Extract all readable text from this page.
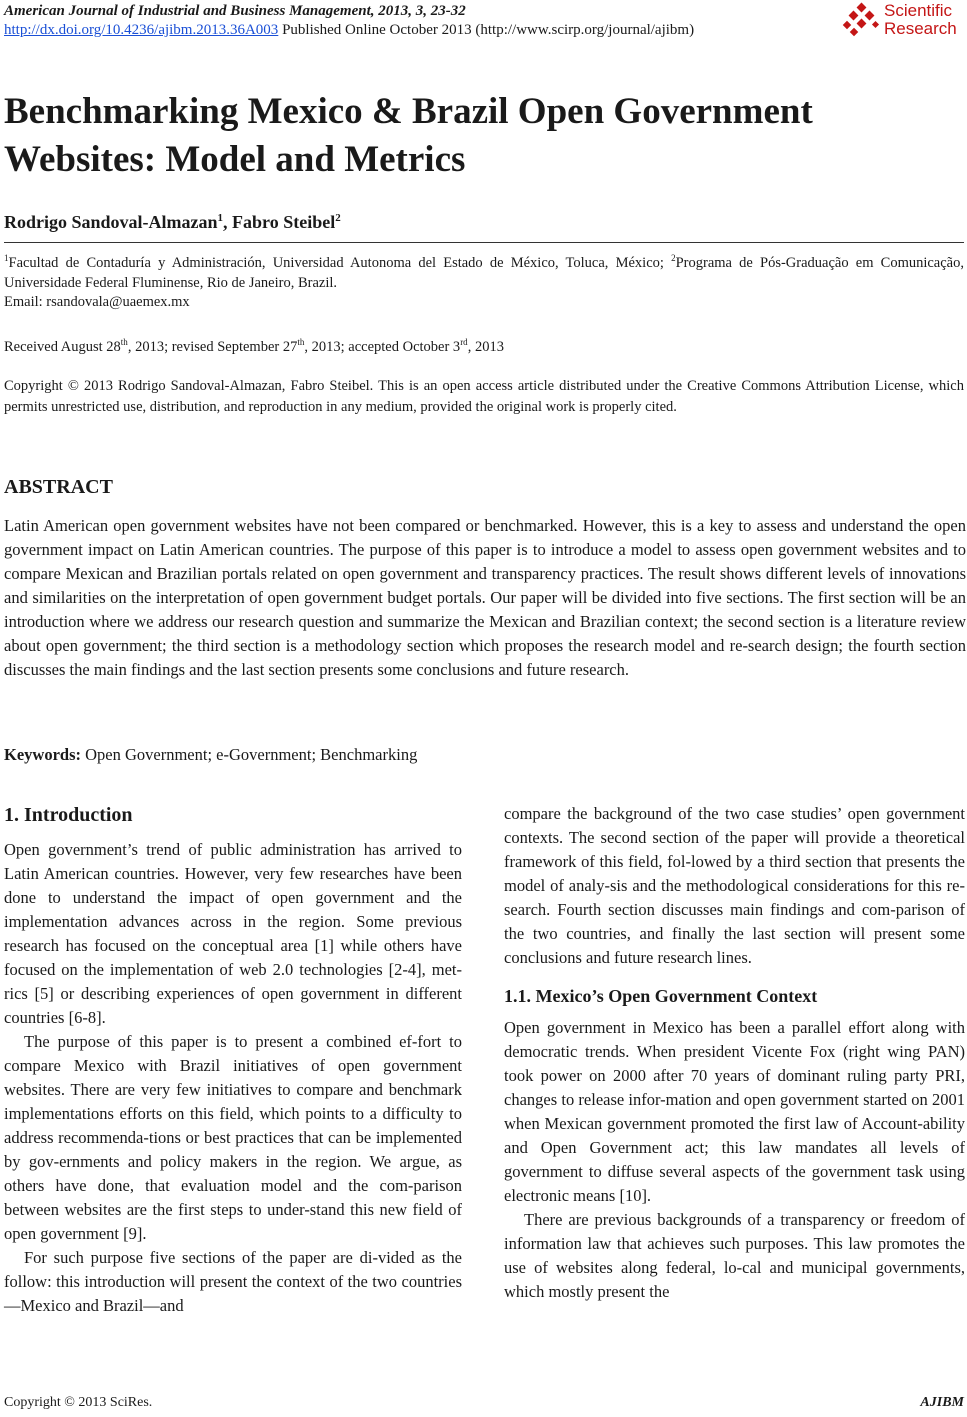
American Journal of Industrial and Business Management, 2013, 3, 23-32
http://dx.doi.org/10.4236/ajibm.2013.36A003 Published Online October 2013 (http://www.scirp.org/journal/ajibm)
Scientific
Research
Benchmarking Mexico & Brazil Open Government Websites: Model and Metrics
Rodrigo Sandoval-Almazan$^1$, Fabro Steibel$^2$
$^1$Facultad de Contaduría y Administración, Universidad Autonoma del Estado de México, Toluca, México; $^2$Programa de Pós-Graduação em Comunicação, Universidade Federal Fluminense, Rio de Janeiro, Brazil.
Email: rsandovala@uaemex.mx
Received August 28th, 2013; revised September 27th, 2013; accepted October 3rd, 2013
Copyright © 2013 Rodrigo Sandoval-Almazan, Fabro Steibel. This is an open access article distributed under the Creative Commons Attribution License, which permits unrestricted use, distribution, and reproduction in any medium, provided the original work is properly cited.
ABSTRACT

Latin American open government websites have not been compared or benchmarked. However, this is a key to assess and understand the open government impact on Latin American countries. The purpose of this paper is to introduce a model to assess open government websites and to compare Mexican and Brazilian portals related on open government and transparency practices. The result shows different levels of innovations and similarities on the interpretation of open government budget portals. Our paper will be divided into five sections. The first section will be an introduction where we address our research question and summarize the Mexican and Brazilian context; the second section is a literature review about open government; the third section is a methodology section which proposes the research model and re-search design; the fourth section discusses the main findings and the last section presents some conclusions and future research.

Keywords: Open Government; e-Government; Benchmarking
1. Introduction

Open government’s trend of public administration has arrived to Latin American countries. However, very few researches have been done to understand the impact of open government and the implementation advances across in the region. Some previous research has focused on the conceptual area [1] while others have focused on the implementation of web 2.0 technologies [2-4], met-rics [5] or describing experiences of open government in different countries [6-8].

The purpose of this paper is to present a combined ef-fort to compare Mexico with Brazil initiatives of open government websites. There are very few initiatives to compare and benchmark implementations efforts on this field, which points to a difficulty to address recommenda-tions or best practices that can be implemented by gov-ernments and policy makers in the region. We argue, as others have done, that evaluation model and the com-parison between websites are the first steps to under-stand this new field of open government [9].

For such purpose five sections of the paper are di-vided as the follow: this introduction will present the context of the two countries—Mexico and Brazil—and

compare the background of the two case studies’ open government contexts. The second section of the paper will provide a theoretical framework of this field, fol-lowed by a third section that presents the model of analy-sis and the methodological considerations for this re-search. Fourth section discusses main findings and com-parison of the two countries, and finally the last section will present some conclusions and future research lines.

1.1. Mexico’s Open Government Context

Open government in Mexico has been a parallel effort along with democratic trends. When president Vicente Fox (right wing PAN) took power on 2000 after 70 years of dominant ruling party PRI, changes to release infor-mation and open government started on 2001 when Mexican government promoted the first law of Account-ability and Open Government act; this law mandates all levels of government to diffuse several aspects of the government task using electronic means [10].

There are previous backgrounds of a transparency or freedom of information law that achieves such purposes. This law promotes the use of websites along federal, lo-cal and municipal governments, which mostly present the

Copyright © 2013 SciRes.	AJIBM
